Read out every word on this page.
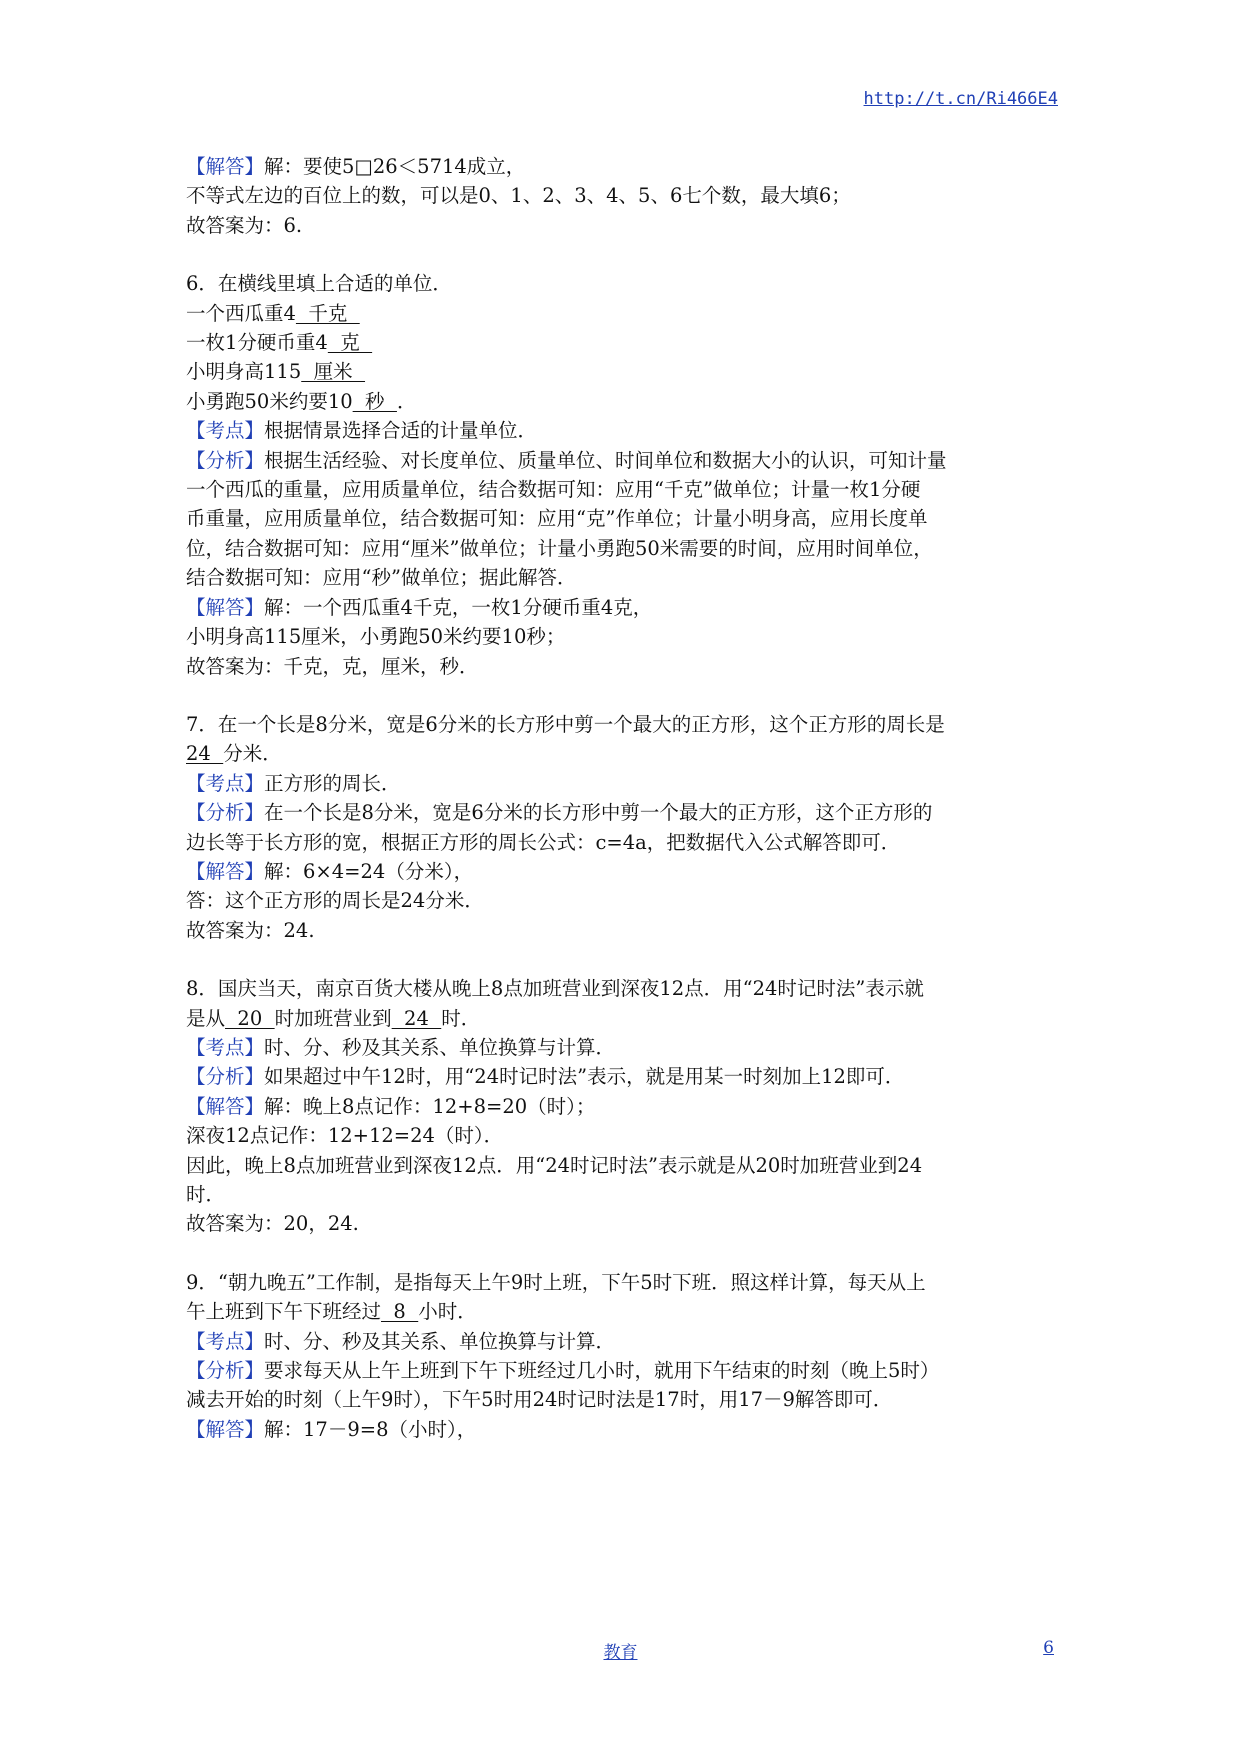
http://t.cn/Ri466E4
【解答】解：要使5□26＜5714成立，
不等式左边的百位上的数，可以是0、1、2、3、4、5、6七个数，最大填6；
故答案为：6.
6．在横线里填上合适的单位．
一个西瓜重4  千克
一枚1分硬币重4  克
小明身高115  厘米
小勇跑50米约要10  秒  ．
【考点】根据情景选择合适的计量单位．
【分析】根据生活经验、对长度单位、质量单位、时间单位和数据大小的认识，可知计量
一个西瓜的重量，应用质量单位，结合数据可知：应用“千克”做单位；计量一枚1分硬
币重量，应用质量单位，结合数据可知：应用“克”作单位；计量小明身高，应用长度单
位，结合数据可知：应用“厘米”做单位；计量小勇跑50米需要的时间，应用时间单位，
结合数据可知：应用“秒”做单位；据此解答．
【解答】解：一个西瓜重4千克，一枚1分硬币重4克，
小明身高115厘米，小勇跑50米约要10秒；
故答案为：千克，克，厘米，秒．
7．在一个长是8分米，宽是6分米的长方形中剪一个最大的正方形，这个正方形的周长是
24  分米．
【考点】正方形的周长．
【分析】在一个长是8分米，宽是6分米的长方形中剪一个最大的正方形，这个正方形的
边长等于长方形的宽，根据正方形的周长公式：c=4a，把数据代入公式解答即可．
【解答】解：6×4=24（分米），
答：这个正方形的周长是24分米．
故答案为：24.
8．国庆当天，南京百货大楼从晚上8点加班营业到深夜12点．用“24时记时法”表示就
是从  20  时加班营业到  24  时．
【考点】时、分、秒及其关系、单位换算与计算．
【分析】如果超过中午12时，用“24时记时法”表示，就是用某一时刻加上12即可．
【解答】解：晚上8点记作：12+8=20（时）；
深夜12点记作：12+12=24（时）．
因此，晚上8点加班营业到深夜12点．用“24时记时法”表示就是从20时加班营业到24
时．
故答案为：20，24.
9．“朝九晚五”工作制，是指每天上午9时上班，下午5时下班．照这样计算，每天从上
午上班到下午下班经过  8  小时．
【考点】时、分、秒及其关系、单位换算与计算．
【分析】要求每天从上午上班到下午下班经过几小时，就用下午结束的时刻（晚上5时）
减去开始的时刻（上午9时），下午5时用24时记时法是17时，用17－9解答即可．
【解答】解：17－9=8（小时），
教育	6
